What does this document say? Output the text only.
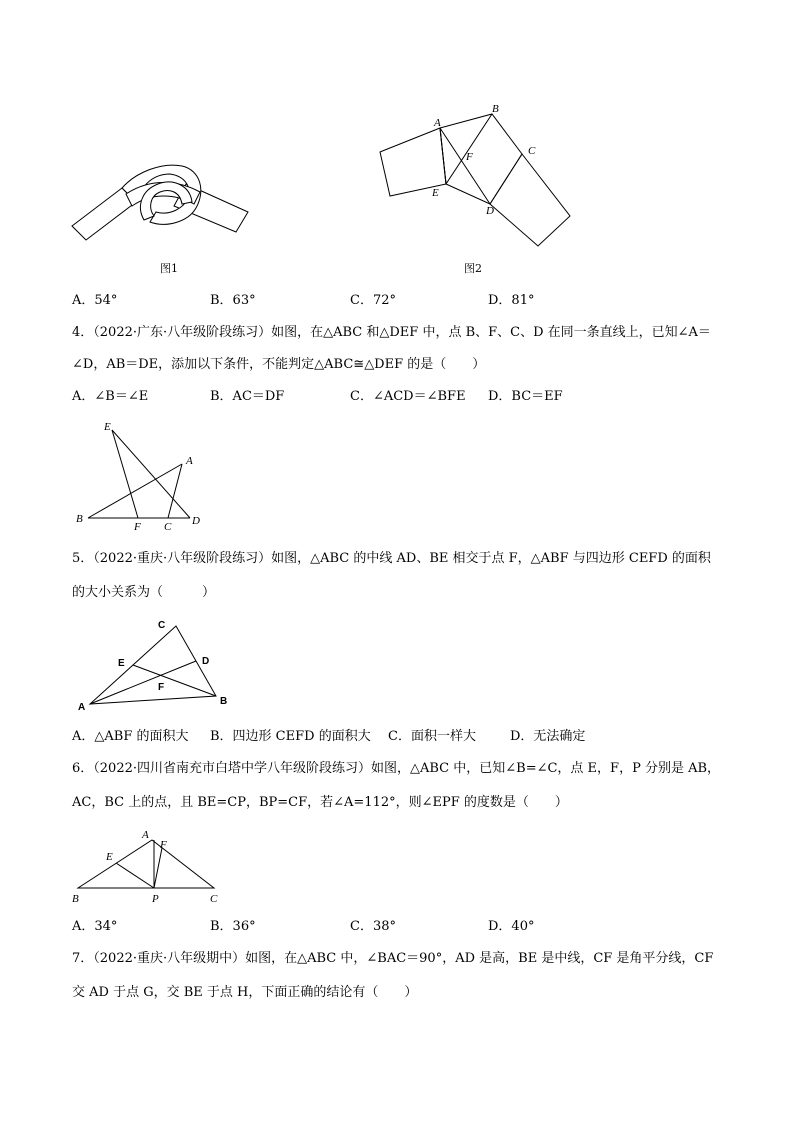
图1
A
B
C
D
E
F
图2
A．54°	B．63°	C．72°	D．81°
4．（2022·广东·八年级阶段练习）如图，在△ABC 和△DEF 中，点 B、F、C、D 在同一条直线上，已知∠A＝
∠D，AB＝DE，添加以下条件，不能判定△ABC≅△DEF 的是（　　）
A．∠B＝∠E	B．AC＝DF	C．∠ACD＝∠BFE D．BC＝EF
E
A
B
F C D
5．（2022·重庆·八年级阶段练习）如图，△ABC 的中线 AD、BE 相交于点 F，△ABF 与四边形 CEFD 的面积
的大小关系为（　　　）
C
E	D
F
A
B
A．△ABF 的面积大 B．四边形 CEFD 的面积大 C．面积一样大	D．无法确定
6．（2022·四川省南充市白塔中学八年级阶段练习）如图，△ABC 中，已知∠B=∠C，点 E，F，P 分别是 AB，
AC，BC 上的点，且 BE=CP，BP=CF，若∠A=112°，则∠EPF 的度数是（　　）
A
E
F
B	P	C
A．34°	B．36°	C．38°	D．40°
7．（2022·重庆·八年级期中）如图，在△ABC 中，∠BAC＝90°，AD 是高，BE 是中线，CF 是角平分线，CF
交 AD 于点 G，交 BE 于点 H，下面正确的结论有（　　）
